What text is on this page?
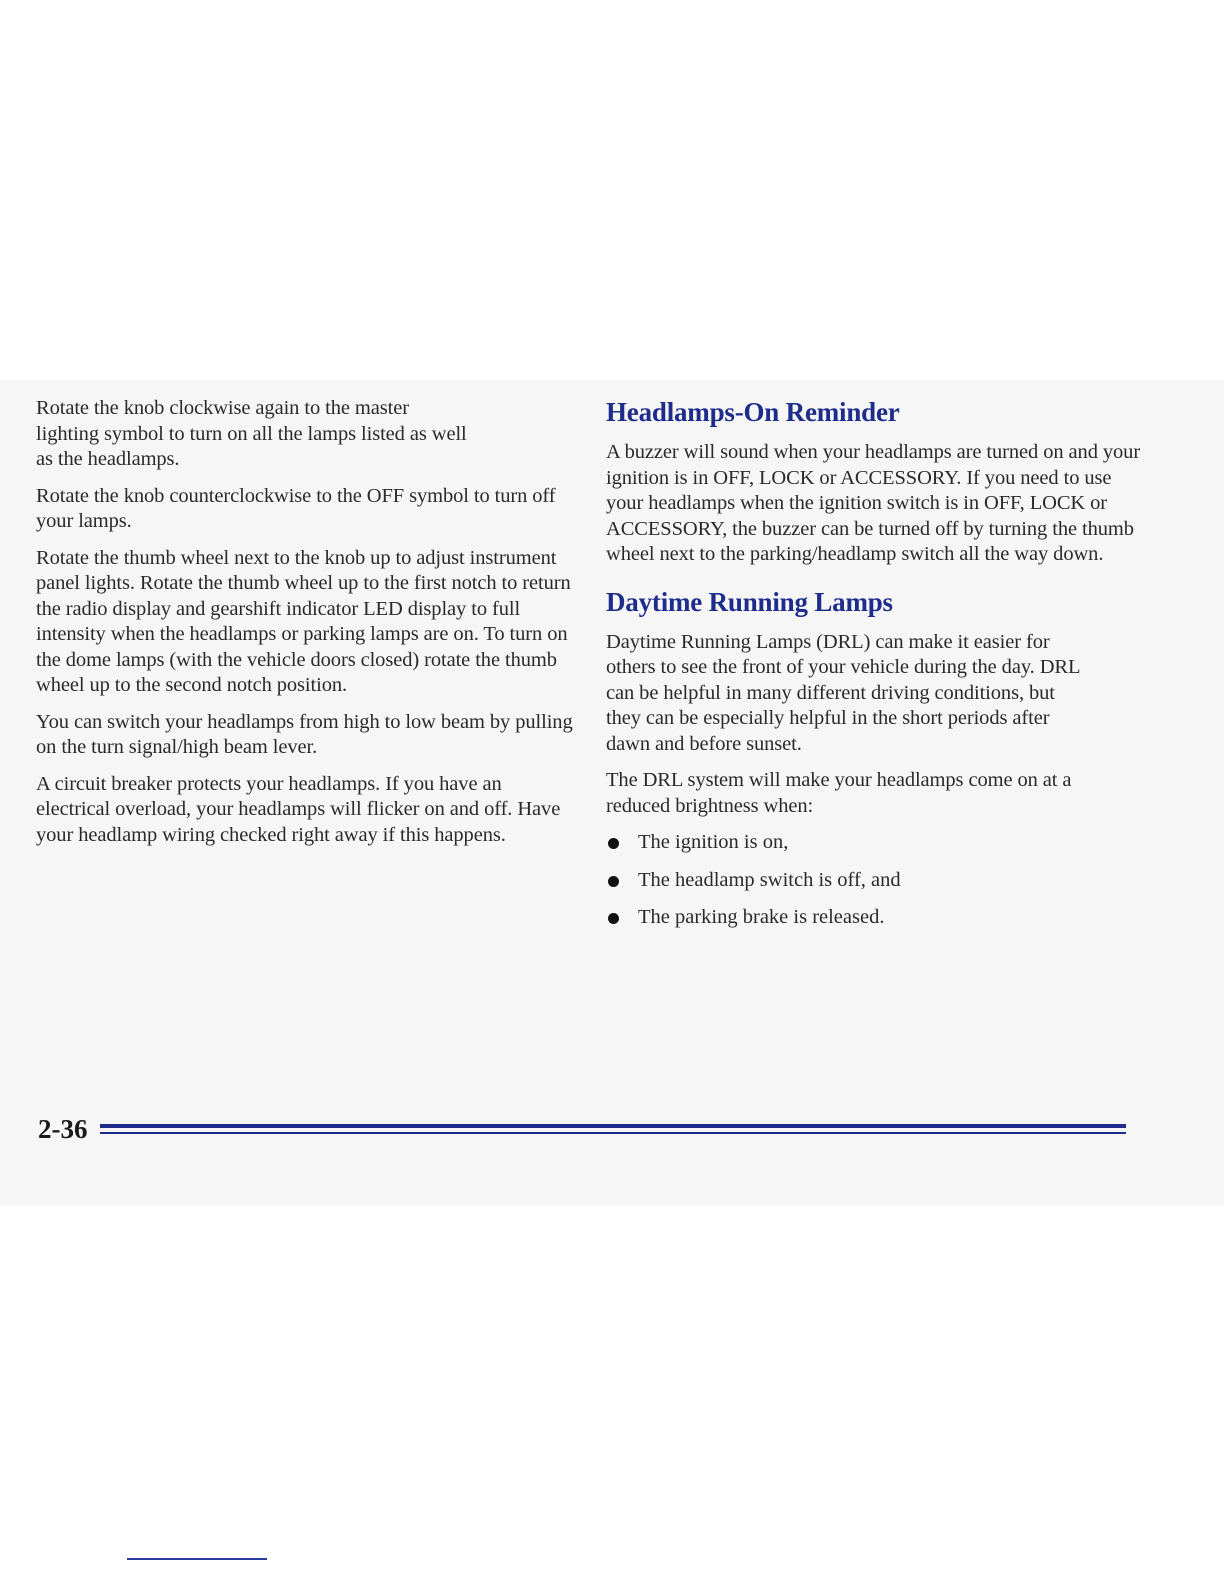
Rotate the knob clockwise again to the master lighting symbol to turn on all the lamps listed as well as the headlamps.

Rotate the knob counterclockwise to the OFF symbol to turn off your lamps.

Rotate the thumb wheel next to the knob up to adjust instrument panel lights. Rotate the thumb wheel up to the first notch to return the radio display and gearshift indicator LED display to full intensity when the headlamps or parking lamps are on. To turn on the dome lamps (with the vehicle doors closed) rotate the thumb wheel up to the second notch position.

You can switch your headlamps from high to low beam by pulling on the turn signal/high beam lever.

A circuit breaker protects your headlamps. If you have an electrical overload, your headlamps will flicker on and off. Have your headlamp wiring checked right away if this happens.

Headlamps-On Reminder

A buzzer will sound when your headlamps are turned on and your ignition is in OFF, LOCK or ACCESSORY. If you need to use your headlamps when the ignition switch is in OFF, LOCK or ACCESSORY, the buzzer can be turned off by turning the thumb wheel next to the parking/headlamp switch all the way down.

Daytime Running Lamps

Daytime Running Lamps (DRL) can make it easier for others to see the front of your vehicle during the day. DRL can be helpful in many different driving conditions, but they can be especially helpful in the short periods after dawn and before sunset.

The DRL system will make your headlamps come on at a reduced brightness when:

The ignition is on,
The headlamp switch is off, and
The parking brake is released.
2-36
